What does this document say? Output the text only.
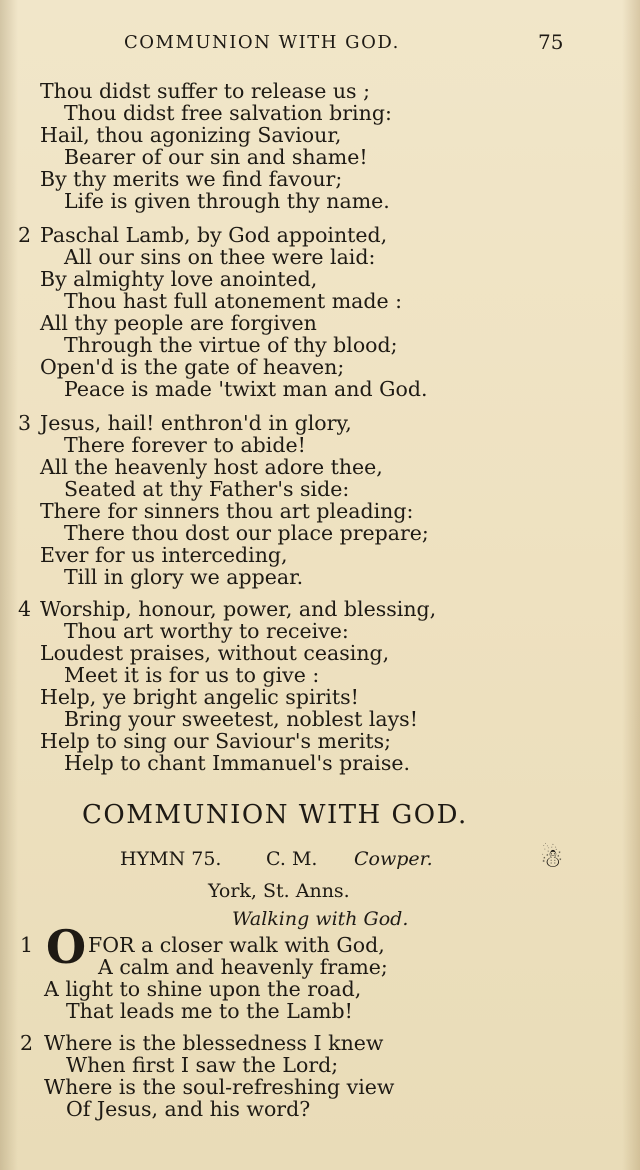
COMMUNION WITH GOD.	75
Thou didst suffer to release us ;
Thou didst free salvation bring:
Hail, thou agonizing Saviour,
Bearer of our sin and shame!
By thy merits we find favour;
Life is given through thy name.
2 Paschal Lamb, by God appointed,
All our sins on thee were laid:
By almighty love anointed,
Thou hast full atonement made :
All thy people are forgiven
Through the virtue of thy blood;
Open'd is the gate of heaven;
Peace is made 'twixt man and God.
3 Jesus, hail! enthron'd in glory,
There forever to abide!
All the heavenly host adore thee,
Seated at thy Father's side:
There for sinners thou art pleading:
There thou dost our place prepare;
Ever for us interceding,
Till in glory we appear.
4 Worship, honour, power, and blessing,
Thou art worthy to receive:
Loudest praises, without ceasing,
Meet it is for us to give :
Help, ye bright angelic spirits!
Bring your sweetest, noblest lays!
Help to sing our Saviour's merits;
Help to chant Immanuel's praise.
COMMUNION WITH GOD.
HYMN 75. C. M. Cowper.	☃
York, St. Anns.
Walking with God.
1 O FOR a closer walk with God,
A calm and heavenly frame;
A light to shine upon the road,
That leads me to the Lamb!
2 Where is the blessedness I knew
When first I saw the Lord;
Where is the soul-refreshing view
Of Jesus, and his word?
